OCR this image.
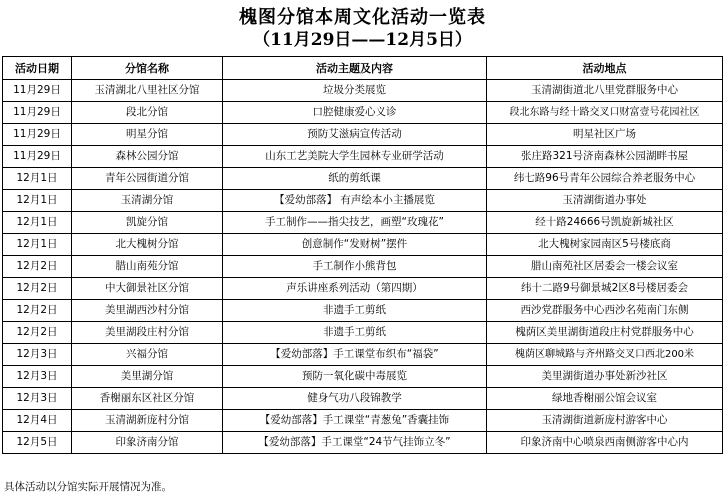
槐图分馆本周文化活动一览表
（11月29日——12月5日）
活动日期	分馆名称	活动主题及内容	活动地点
11月29日	玉清湖北八里社区分馆	垃圾分类展览	玉清湖街道北八里党群服务中心
11月29日	段北分馆	口腔健康爱心义诊	段北东路与经十路交叉口财富壹号花园社区
11月29日	明星分馆	预防艾滋病宣传活动	明星社区广场
11月29日	森林公园分馆	山东工艺美院大学生园林专业研学活动	张庄路321号济南森林公园湖畔书屋
12月1日	青年公园街道分馆	纸的剪纸课	纬七路96号青年公园综合养老服务中心
12月1日	玉清湖分馆	【爱幼部落】 有声绘本小主播展览	玉清湖街道办事处
12月1日	凯旋分馆	手工制作——指尖技艺，画塑“玫瑰花”	经十路24666号凯旋新城社区
12月1日	北大槐树分馆	创意制作“发财树”摆件	北大槐树家园南区5号楼底商
12月2日	腊山南苑分馆	手工制作小熊背包	腊山南苑社区居委会一楼会议室
12月2日	中大御景社区分馆	声乐讲座系列活动（第四期）	纬十二路9号御景城2区8号楼居委会
12月2日	美里湖西沙村分馆	非遗手工剪纸	西沙党群服务中心西沙名苑南门东侧
12月2日	美里湖段庄村分馆	非遗手工剪纸	槐荫区美里湖街道段庄村党群服务中心
12月3日	兴福分馆	【爱幼部落】手工课堂布织布“福袋”	槐荫区聊城路与齐州路交叉口西北200米
12月3日	美里湖分馆	预防一氧化碳中毒展览	美里湖街道办事处新沙社区
12月3日	香榭丽东区社区分馆	健身气功八段锦教学	绿地香榭丽公馆会议室
12月4日	玉清湖新庞村分馆	【爱幼部落】手工课堂“青葱兔”香囊挂饰	玉清湖街道新庞村游客中心
12月5日	印象济南分馆	【爱幼部落】手工课堂“24节气挂饰立冬”	印象济南中心喷泉西南侧游客中心内
具体活动以分馆实际开展情况为准。
